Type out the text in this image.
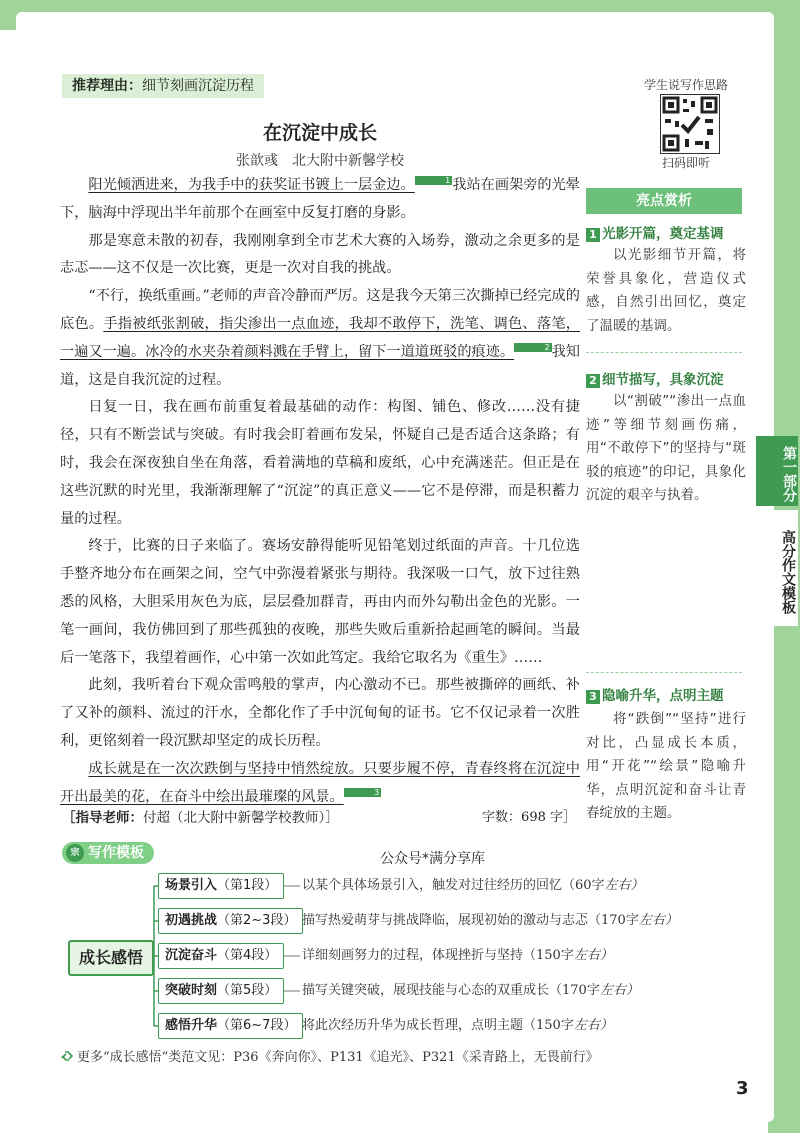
推荐理由：细节刻画沉淀历程	学生说写作思路
扫码即听
在沉淀中成长
张歆彧　北大附中新馨学校

阳光倾洒进来，为我手中的获奖证书镀上一层金边。	1 我站在画架旁的光晕下，脑海中浮现出半年前那个在画室中反复打磨的身影。

那是寒意未散的初春，我刚刚拿到全市艺术大赛的入场券，激动之余更多的是志忑——这不仅是一次比赛，更是一次对自我的挑战。

“不行，换纸重画。”老师的声音冷静而严厉。这是我今天第三次撕掉已经完成的底色。手指被纸张割破，指尖渗出一点血迹，我却不敢停下，洗笔、调色、落笔，一遍又一遍。冰冷的水夹杂着颜料溅在手臂上，留下一道道斑驳的痕迹。	2 我知道，这是自我沉淀的过程。

日复一日，我在画布前重复着最基础的动作：构图、铺色、修改……没有捷径，只有不断尝试与突破。有时我会盯着画布发呆，怀疑自己是否适合这条路；有时，我会在深夜独自坐在角落，看着满地的草稿和废纸，心中充满迷茫。但正是在这些沉默的时光里，我渐渐理解了“沉淀”的真正意义——它不是停滞，而是积蓄力量的过程。

终于，比赛的日子来临了。赛场安静得能听见铅笔划过纸面的声音。十几位选手整齐地分布在画架之间，空气中弥漫着紧张与期待。我深吸一口气，放下过往熟悉的风格，大胆采用灰色为底，层层叠加群青，再由内而外勾勒出金色的光影。一笔一画间，我仿佛回到了那些孤独的夜晚，那些失败后重新拾起画笔的瞬间。当最后一笔落下，我望着画作，心中第一次如此笃定。我给它取名为《重生》……

此刻，我听着台下观众雷鸣般的掌声，内心激动不已。那些被撕碎的画纸、补了又补的颜料、流过的汗水，全都化作了手中沉甸甸的证书。它不仅记录着一次胜利，更铭刻着一段沉默却坚定的成长历程。

成长就是在一次次跌倒与坚持中悄然绽放。只要步履不停，青春终将在沉淀中开出最美的花，在奋斗中绘出最璀璨的风景。	3

［指导老师：付超（北大附中新馨学校教师）］	字数：698 字］
亮点赏析
1 光影开篇，奠定基调
以光影细节开篇，将荣誉具象化，营造仪式感，自然引出回忆，奠定了温暖的基调。
2 细节描写，具象沉淀
以“割破”“渗出一点血迹”等细节刻画伤痛，用“不敢停下”的坚持与“斑驳的痕迹”的印记，具象化沉淀的艰辛与执着。
3 隐喻升华，点明主题
将“跌倒”“坚持”进行对比，凸显成长本质，用“开花”“绘景”隐喻升华，点明沉淀和奋斗让青春绽放的主题。
第一部分
高分作文模板
宗 写作模板	公众号*满分享库
成长感悟
场景引入（第1段）	以某个具体场景引入，触发对过往经历的回忆（60字左右）
初遇挑战（第2~3段） 描写热爱萌芽与挑战降临，展现初始的激动与志忑（170字左右）
沉淀奋斗（第4段）	详细刻画努力的过程，体现挫折与坚持（150字左右）
突破时刻（第5段）	描写关键突破，展现技能与心态的双重成长（170字左右）
感悟升华（第6~7段） 将此次经历升华为成长哲理，点明主题（150字左右）
更多“成长感悟”类范文见：P36《奔向你》、P131《追光》、P321《采青路上，无畏前行》
3
